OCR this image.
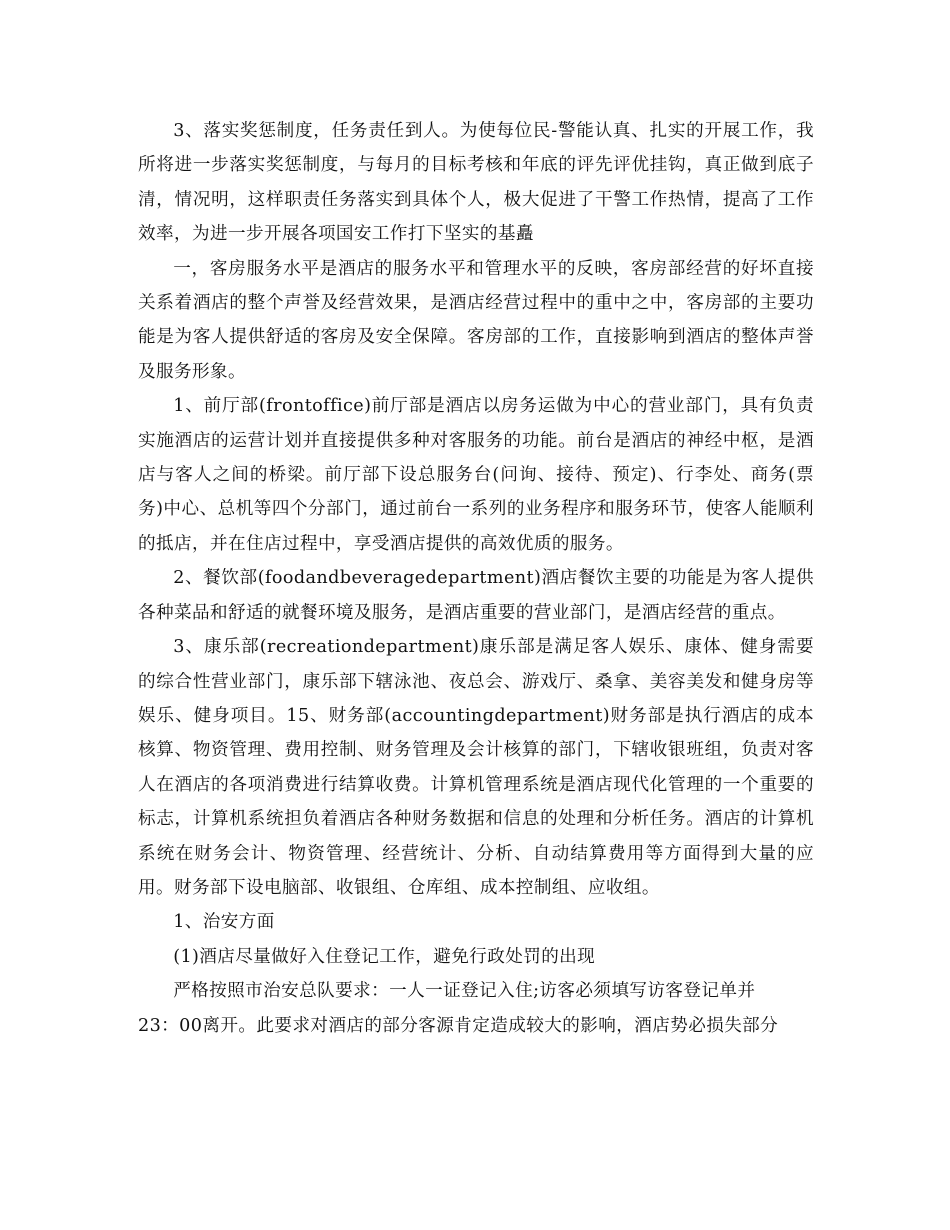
3、落实奖惩制度，任务责任到人。为使每位民-警能认真、扎实的开展工作，我所将进一步落实奖惩制度，与每月的目标考核和年底的评先评优挂钩，真正做到底子清，情况明，这样职责任务落实到具体个人，极大促进了干警工作热情，提高了工作效率，为进一步开展各项国安工作打下坚实的基矗

一，客房服务水平是酒店的服务水平和管理水平的反映，客房部经营的好坏直接关系着酒店的整个声誉及经营效果，是酒店经营过程中的重中之中，客房部的主要功能是为客人提供舒适的客房及安全保障。客房部的工作，直接影响到酒店的整体声誉及服务形象。

1、前厅部(frontoffice)前厅部是酒店以房务运做为中心的营业部门，具有负责实施酒店的运营计划并直接提供多种对客服务的功能。前台是酒店的神经中枢，是酒店与客人之间的桥梁。前厅部下设总服务台(问询、接待、预定)、行李处、商务(票务)中心、总机等四个分部门，通过前台一系列的业务程序和服务环节，使客人能顺利的抵店，并在住店过程中，享受酒店提供的高效优质的服务。

2、餐饮部(foodandbeveragedepartment)酒店餐饮主要的功能是为客人提供各种菜品和舒适的就餐环境及服务，是酒店重要的营业部门，是酒店经营的重点。

3、康乐部(recreationdepartment)康乐部是满足客人娱乐、康体、健身需要的综合性营业部门，康乐部下辖泳池、夜总会、游戏厅、桑拿、美容美发和健身房等娱乐、健身项目。15、财务部(accountingdepartment)财务部是执行酒店的成本核算、物资管理、费用控制、财务管理及会计核算的部门，下辖收银班组，负责对客人在酒店的各项消费进行结算收费。计算机管理系统是酒店现代化管理的一个重要的标志，计算机系统担负着酒店各种财务数据和信息的处理和分析任务。酒店的计算机系统在财务会计、物资管理、经营统计、分析、自动结算费用等方面得到大量的应用。财务部下设电脑部、收银组、仓库组、成本控制组、应收组。

1、治安方面

(1)酒店尽量做好入住登记工作，避免行政处罚的出现

严格按照市治安总队要求：一人一证登记入住;访客必须填写访客登记单并

23：00离开。此要求对酒店的部分客源肯定造成较大的影响，酒店势必损失部分
